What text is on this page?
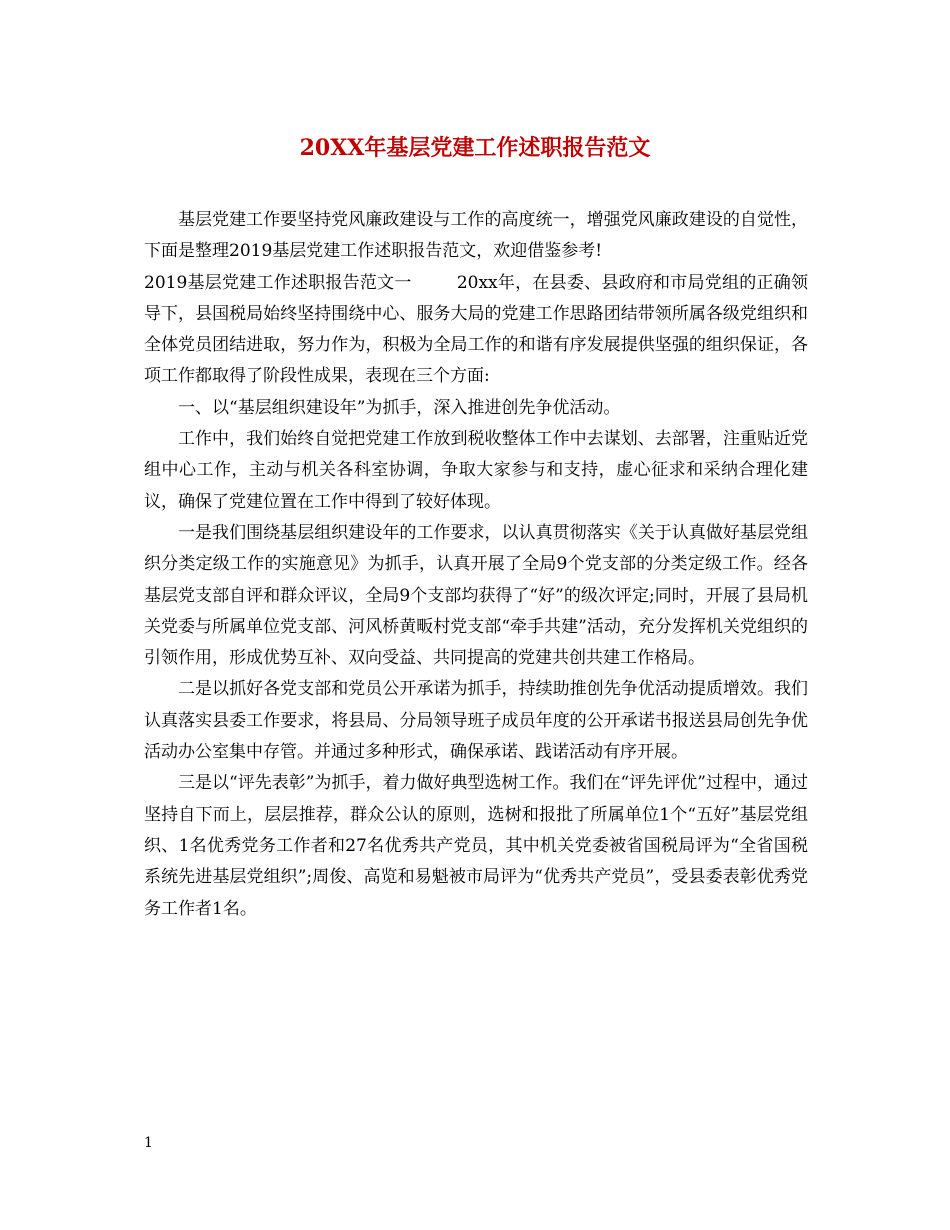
20XX年基层党建工作述职报告范文

基层党建工作要坚持党风廉政建设与工作的高度统一，增强党风廉政建设的自觉性，下面是整理2019基层党建工作述职报告范文，欢迎借鉴参考!

2019基层党建工作述职报告范文一	20xx年，在县委、县政府和市局党组的正确领导下，县国税局始终坚持围绕中心、服务大局的党建工作思路团结带领所属各级党组织和全体党员团结进取，努力作为，积极为全局工作的和谐有序发展提供坚强的组织保证，各项工作都取得了阶段性成果，表现在三个方面:

一、以“基层组织建设年”为抓手，深入推进创先争优活动。

工作中，我们始终自觉把党建工作放到税收整体工作中去谋划、去部署，注重贴近党组中心工作，主动与机关各科室协调，争取大家参与和支持，虚心征求和采纳合理化建议，确保了党建位置在工作中得到了较好体现。

一是我们围绕基层组织建设年的工作要求，以认真贯彻落实《关于认真做好基层党组织分类定级工作的实施意见》为抓手，认真开展了全局9个党支部的分类定级工作。经各基层党支部自评和群众评议，全局9个支部均获得了“好”的级次评定;同时，开展了县局机关党委与所属单位党支部、河风桥黄畈村党支部“牵手共建”活动，充分发挥机关党组织的引领作用，形成优势互补、双向受益、共同提高的党建共创共建工作格局。

二是以抓好各党支部和党员公开承诺为抓手，持续助推创先争优活动提质增效。我们认真落实县委工作要求，将县局、分局领导班子成员年度的公开承诺书报送县局创先争优活动办公室集中存管。并通过多种形式，确保承诺、践诺活动有序开展。

三是以“评先表彰”为抓手，着力做好典型选树工作。我们在“评先评优”过程中，通过坚持自下而上，层层推荐，群众公认的原则，选树和报批了所属单位1个“五好”基层党组织、1名优秀党务工作者和27名优秀共产党员，其中机关党委被省国税局评为“全省国税系统先进基层党组织”;周俊、高览和易魁被市局评为“优秀共产党员”，受县委表彰优秀党务工作者1名。

1
